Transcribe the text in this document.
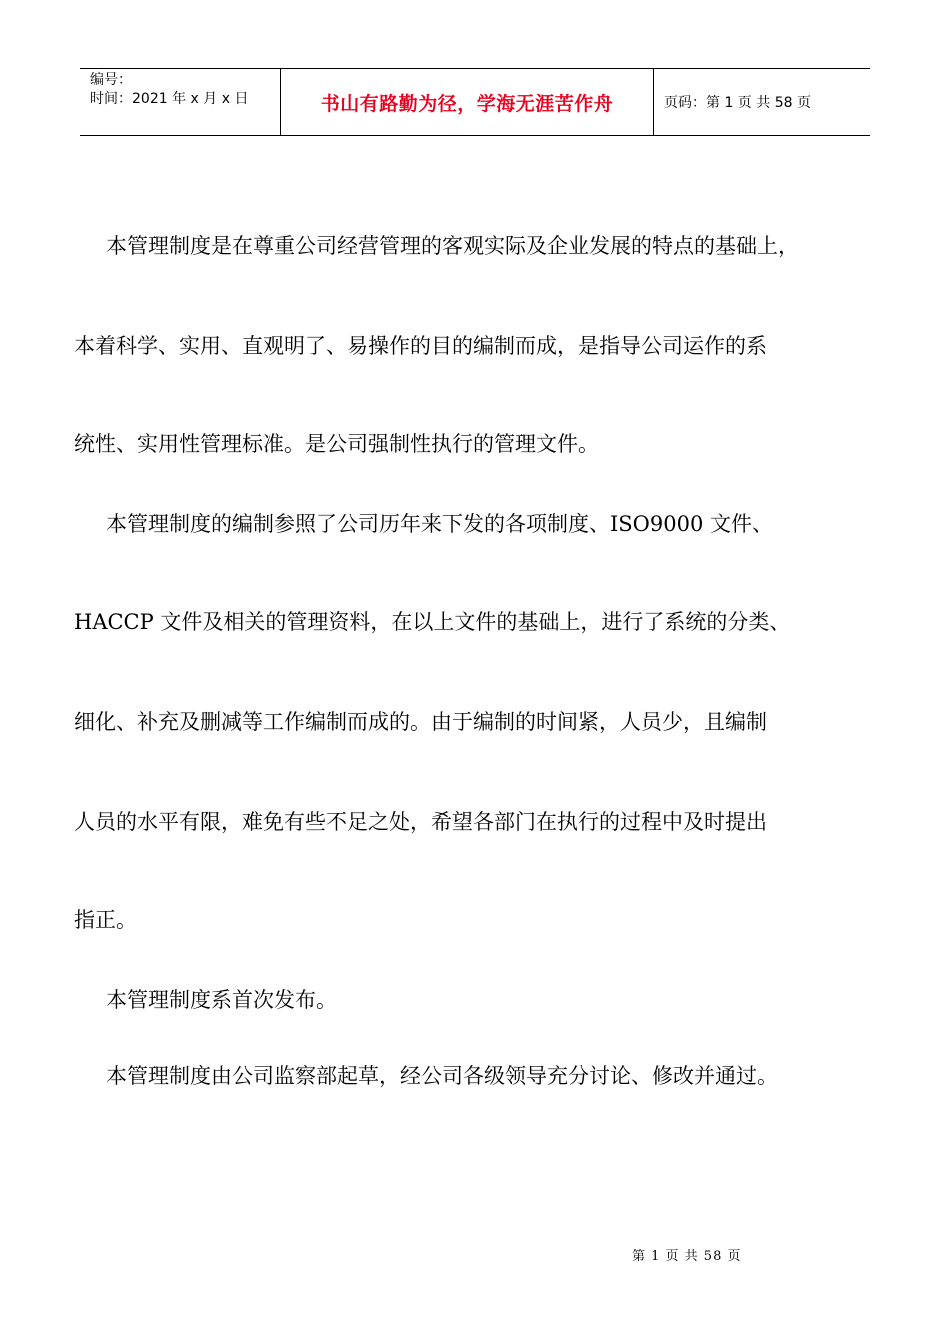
编号：
时间：2021 年 x 月 x 日	书山有路勤为径，学海无涯苦作舟	页码：第 1 页 共 58 页
本管理制度是在尊重公司经营管理的客观实际及企业发展的特点的基础上，
本着科学、实用、直观明了、易操作的目的编制而成，是指导公司运作的系
统性、实用性管理标准。是公司强制性执行的管理文件。
本管理制度的编制参照了公司历年来下发的各项制度、ISO9000 文件、
HACCP 文件及相关的管理资料，在以上文件的基础上，进行了系统的分类、
细化、补充及删减等工作编制而成的。由于编制的时间紧，人员少，且编制
人员的水平有限，难免有些不足之处，希望各部门在执行的过程中及时提出
指正。
本管理制度系首次发布。
本管理制度由公司监察部起草，经公司各级领导充分讨论、修改并通过。
第 1 页 共 58 页
